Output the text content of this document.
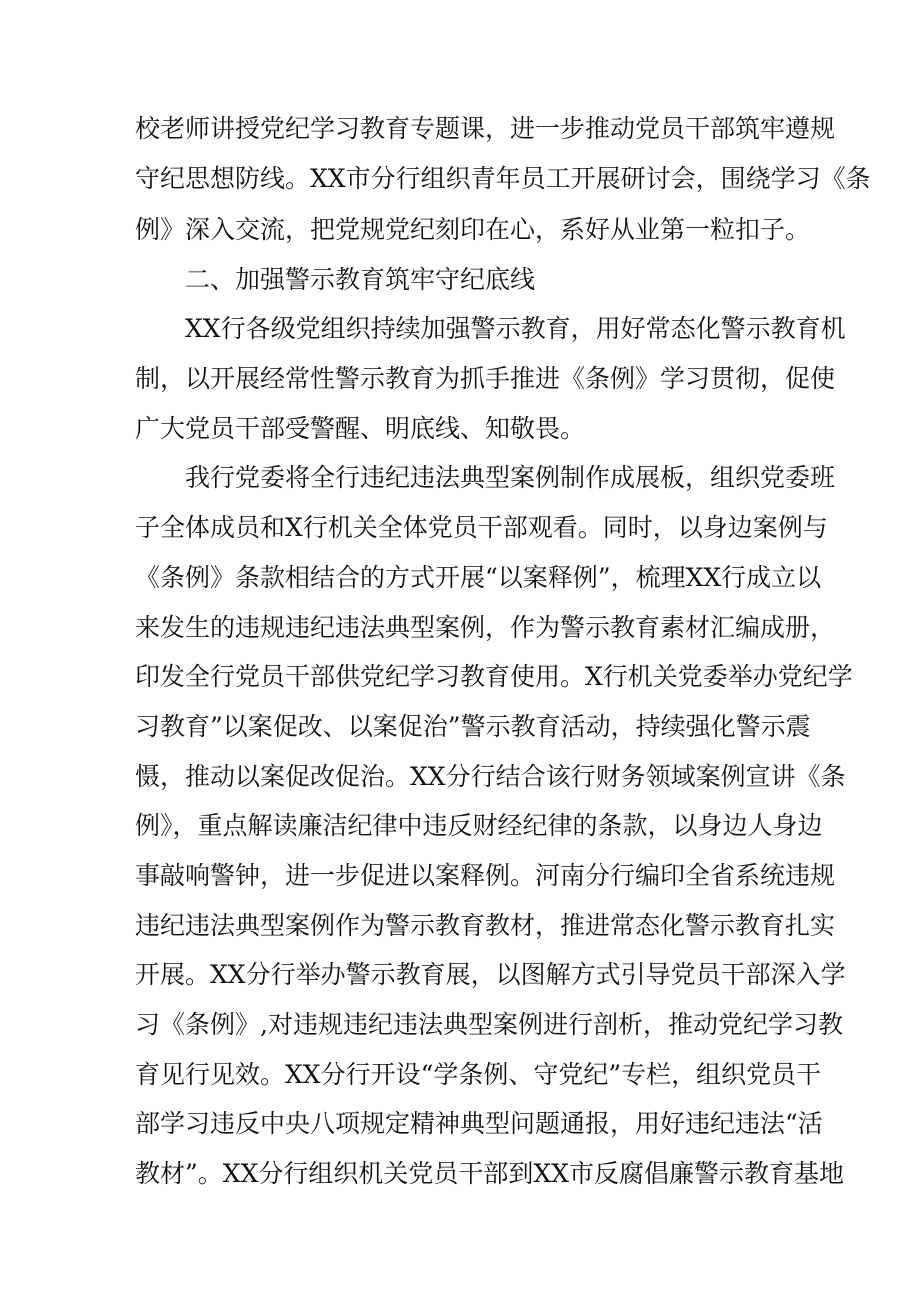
校老师讲授党纪学习教育专题课，进一步推动党员干部筑牢遵规
守纪思想防线。XX市分行组织青年员工开展研讨会，围绕学习《条
例》深入交流，把党规党纪刻印在心，系好从业第一粒扣子。
二、加强警示教育筑牢守纪底线
XX行各级党组织持续加强警示教育，用好常态化警示教育机
制，以开展经常性警示教育为抓手推进《条例》学习贯彻，促使
广大党员干部受警醒、明底线、知敬畏。
我行党委将全行违纪违法典型案例制作成展板，组织党委班
子全体成员和X行机关全体党员干部观看。同时，以身边案例与
《条例》条款相结合的方式开展“以案释例”，梳理XX行成立以
来发生的违规违纪违法典型案例，作为警示教育素材汇编成册，
印发全行党员干部供党纪学习教育使用。X行机关党委举办党纪学
习教育”以案促改、以案促治”警示教育活动，持续强化警示震
慑，推动以案促改促治。XX分行结合该行财务领域案例宣讲《条
例》，重点解读廉洁纪律中违反财经纪律的条款，以身边人身边
事敲响警钟，进一步促进以案释例。河南分行编印全省系统违规
违纪违法典型案例作为警示教育教材，推进常态化警示教育扎实
开展。XX分行举办警示教育展，以图解方式引导党员干部深入学
习《条例》,对违规违纪违法典型案例进行剖析，推动党纪学习教
育见行见效。XX分行开设“学条例、守党纪”专栏，组织党员干
部学习违反中央八项规定精神典型问题通报，用好违纪违法“活
教材”。XX分行组织机关党员干部到XX市反腐倡廉警示教育基地
